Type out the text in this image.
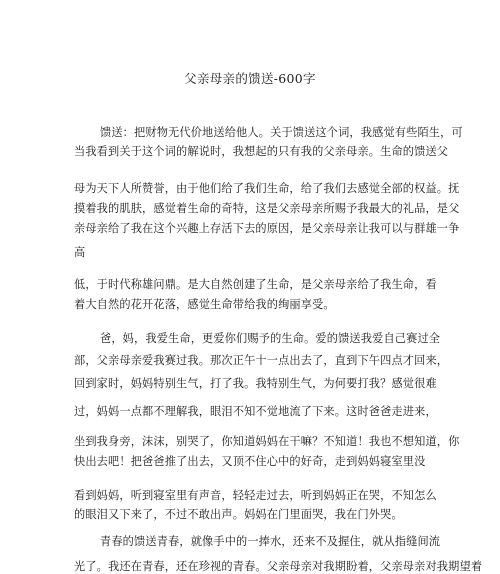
父亲母亲的馈送-600字
馈送：把财物无代价地送给他人。关于馈送这个词，我感觉有些陌生，可
当我看到关于这个词的解说时，我想起的只有我的父亲母亲。生命的馈送父
母为天下人所赞誉，由于他们给了我们生命，给了我们去感觉全部的权益。抚
摸着我的肌肤，感觉着生命的奇特，这是父亲母亲所赐予我最大的礼品，是父
亲母亲给了我在这个兴趣上存活下去的原因，是父亲母亲让我可以与群雄一争
高
低，于时代称雄问鼎。是大自然创建了生命，是父亲母亲给了我生命，看
着大自然的花开花落，感觉生命带给我的绚丽享受。
爸，妈，我爱生命，更爱你们赐予的生命。爱的馈送我爱自己赛过全
部，父亲母亲爱我赛过我。那次正午十一点出去了，直到下午四点才回来，
回到家时，妈妈特别生气，打了我。我特别生气，为何要打我？感觉很难
过，妈妈一点都不理解我，眼泪不知不觉地流了下来。这时爸爸走进来，
坐到我身旁，沫沫，别哭了，你知道妈妈在干嘛？不知道！我也不想知道，你
快出去吧！把爸爸推了出去，又顶不住心中的好奇，走到妈妈寝室里没
看到妈妈，听到寝室里有声音，轻轻走过去，听到妈妈正在哭，不知怎么
的眼泪又下来了，不过不敢出声。妈妈在门里面哭，我在门外哭。
青春的馈送青春，就像手中的一捧水，还来不及握住，就从指缝间流
光了。我还在青春，还在珍视的青春。父亲母亲对我期盼着，父亲母亲对我期望着
